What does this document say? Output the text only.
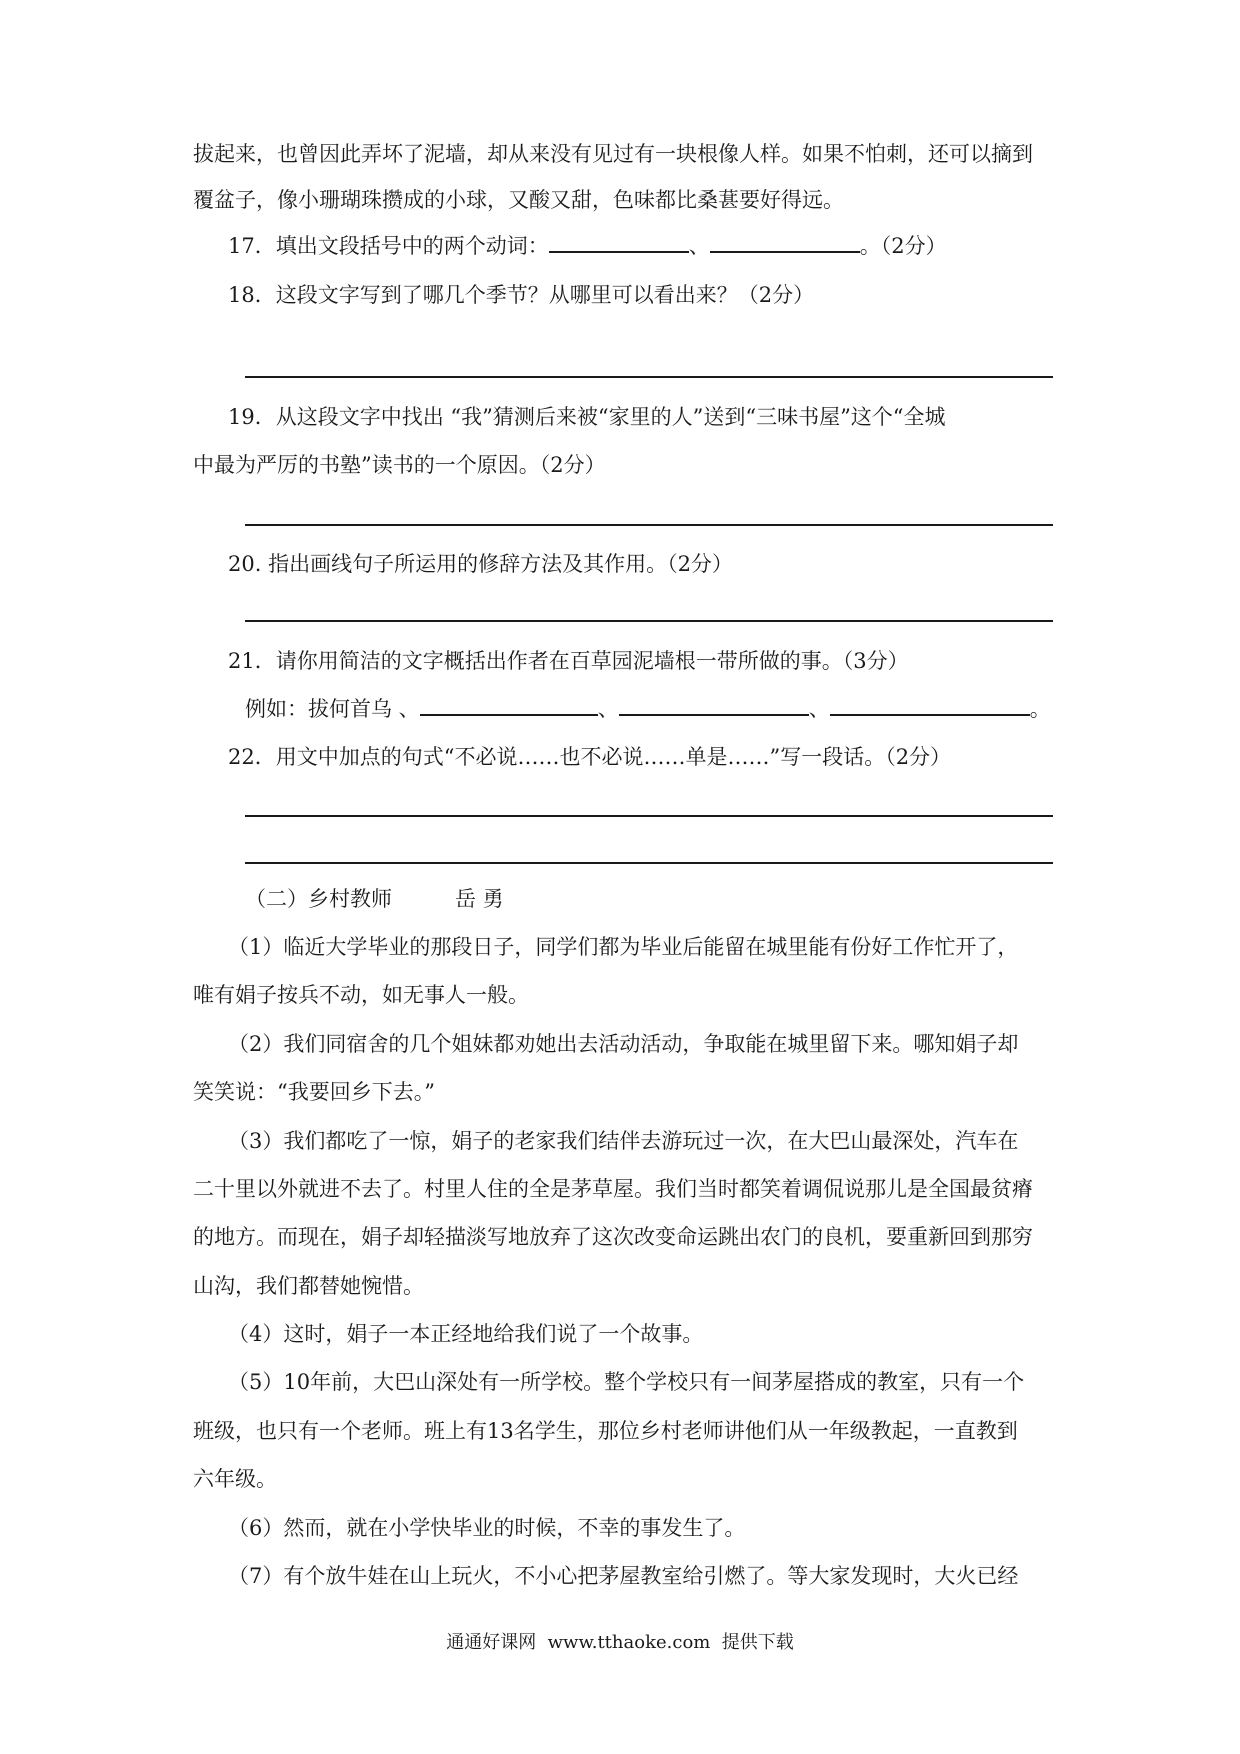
拔起来，也曾因此弄坏了泥墙，却从来没有见过有一块根像人样。如果不怕刺，还可以摘到
覆盆子，像小珊瑚珠攒成的小球，又酸又甜，色味都比桑葚要好得远。
17．填出文段括号中的两个动词：	、	。（2分）
18．这段文字写到了哪几个季节？从哪里可以看出来？（2分）
19．从这段文字中找出 “我”猜测后来被“家里的人”送到“三味书屋”这个“全城
中最为严厉的书塾”读书的一个原因。（2分）
20. 指出画线句子所运用的修辞方法及其作用。（2分）
21．请你用简洁的文字概括出作者在百草园泥墙根一带所做的事。（3分）
例如：拔何首乌 、	、	、	。
22．用文中加点的句式“不必说……也不必说……单是……”写一段话。（2分）
（二）乡村教师　　　岳 勇
（1）临近大学毕业的那段日子，同学们都为毕业后能留在城里能有份好工作忙开了，
唯有娟子按兵不动，如无事人一般。
（2）我们同宿舍的几个姐妹都劝她出去活动活动，争取能在城里留下来。哪知娟子却
笑笑说：“我要回乡下去。”
（3）我们都吃了一惊，娟子的老家我们结伴去游玩过一次，在大巴山最深处，汽车在
二十里以外就进不去了。村里人住的全是茅草屋。我们当时都笑着调侃说那儿是全国最贫瘠
的地方。而现在，娟子却轻描淡写地放弃了这次改变命运跳出农门的良机，要重新回到那穷
山沟，我们都替她惋惜。
（4）这时，娟子一本正经地给我们说了一个故事。
（5）10年前，大巴山深处有一所学校。整个学校只有一间茅屋搭成的教室，只有一个
班级，也只有一个老师。班上有13名学生，那位乡村老师讲他们从一年级教起，一直教到
六年级。
（6）然而，就在小学快毕业的时候，不幸的事发生了。
（7）有个放牛娃在山上玩火，不小心把茅屋教室给引燃了。等大家发现时，大火已经
通通好课网  www.tthaoke.com  提供下载
